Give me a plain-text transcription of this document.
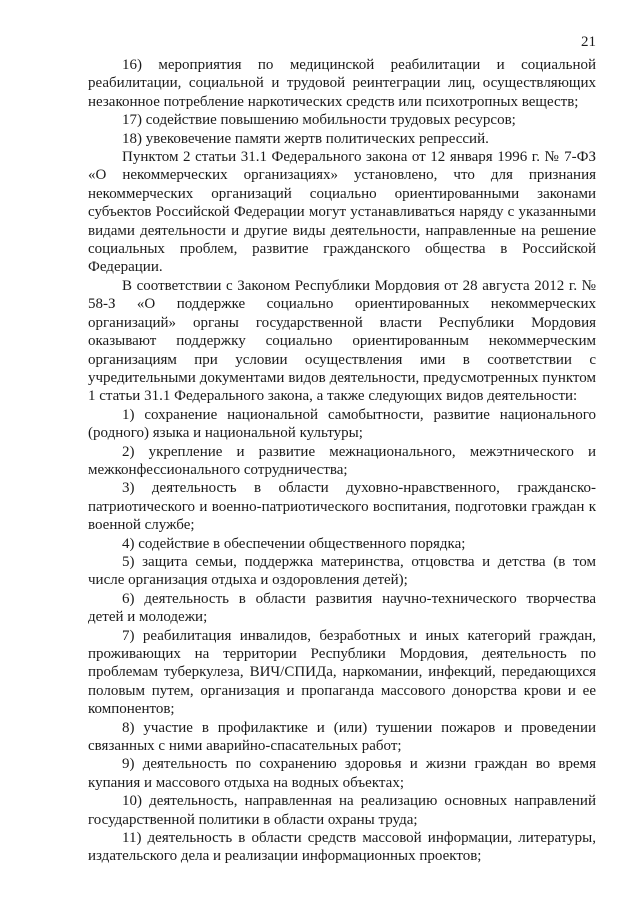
21

16) мероприятия по медицинской реабилитации и социальной реабилитации, социальной и трудовой реинтеграции лиц, осуществляющих незаконное потребление наркотических средств или психотропных веществ;

17) содействие повышению мобильности трудовых ресурсов;

18) увековечение памяти жертв политических репрессий.

Пунктом 2 статьи 31.1 Федерального закона от 12 января 1996 г. № 7-ФЗ «О некоммерческих организациях» установлено, что для признания некоммерческих организаций социально ориентированными законами субъектов Российской Федерации могут устанавливаться наряду с указанными видами деятельности и другие виды деятельности, направленные на решение социальных проблем, развитие гражданского общества в Российской Федерации.

В соответствии с Законом Республики Мордовия от 28 августа 2012 г. № 58-З «О поддержке социально ориентированных некоммерческих организаций» органы государственной власти Республики Мордовия оказывают поддержку социально ориентированным некоммерческим организациям при условии осуществления ими в соответствии с учредительными документами видов деятельности, предусмотренных пунктом 1 статьи 31.1 Федерального закона, а также следующих видов деятельности:

1) сохранение национальной самобытности, развитие национального (родного) языка и национальной культуры;

2) укрепление и развитие межнационального, межэтнического и межконфессионального сотрудничества;

3) деятельность в области духовно-нравственного, гражданско-патриотического и военно-патриотического воспитания, подготовки граждан к военной службе;

4) содействие в обеспечении общественного порядка;

5) защита семьи, поддержка материнства, отцовства и детства (в том числе организация отдыха и оздоровления детей);

6) деятельность в области развития научно-технического творчества детей и молодежи;

7) реабилитация инвалидов, безработных и иных категорий граждан, проживающих на территории Республики Мордовия, деятельность по проблемам туберкулеза, ВИЧ/СПИДа, наркомании, инфекций, передающихся половым путем, организация и пропаганда массового донорства крови и ее компонентов;

8) участие в профилактике и (или) тушении пожаров и проведении связанных с ними аварийно-спасательных работ;

9) деятельность по сохранению здоровья и жизни граждан во время купания и массового отдыха на водных объектах;

10) деятельность, направленная на реализацию основных направлений государственной политики в области охраны труда;

11) деятельность в области средств массовой информации, литературы, издательского дела и реализации информационных проектов;
